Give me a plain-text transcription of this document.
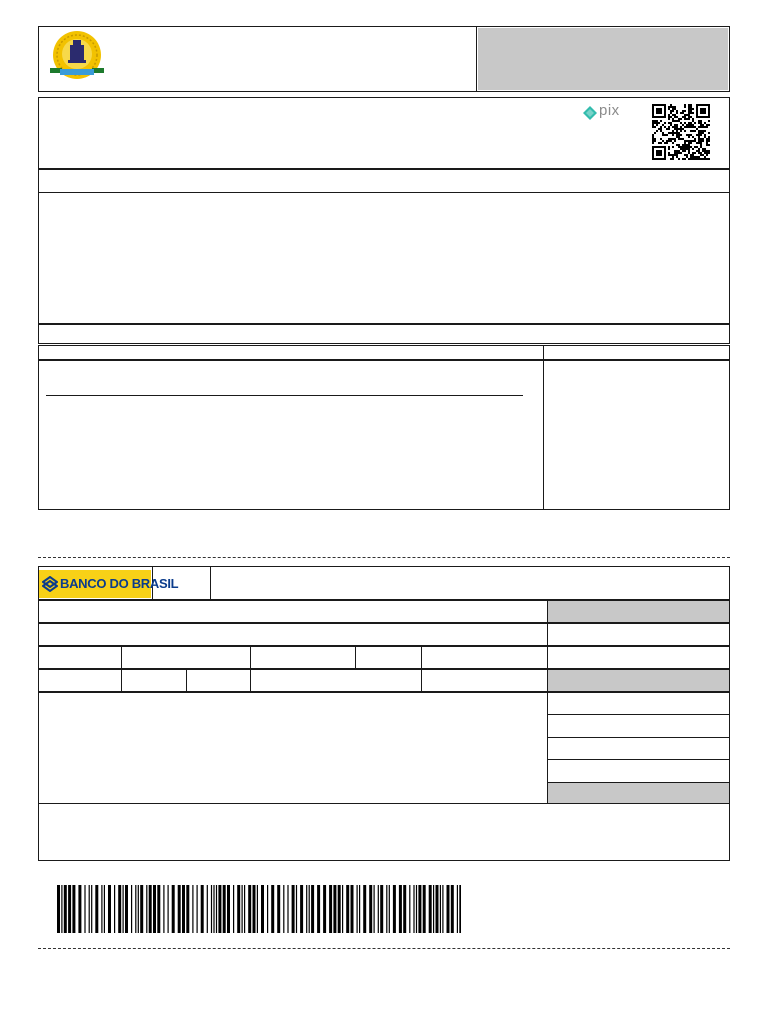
pix
BANCO DO BRASIL
